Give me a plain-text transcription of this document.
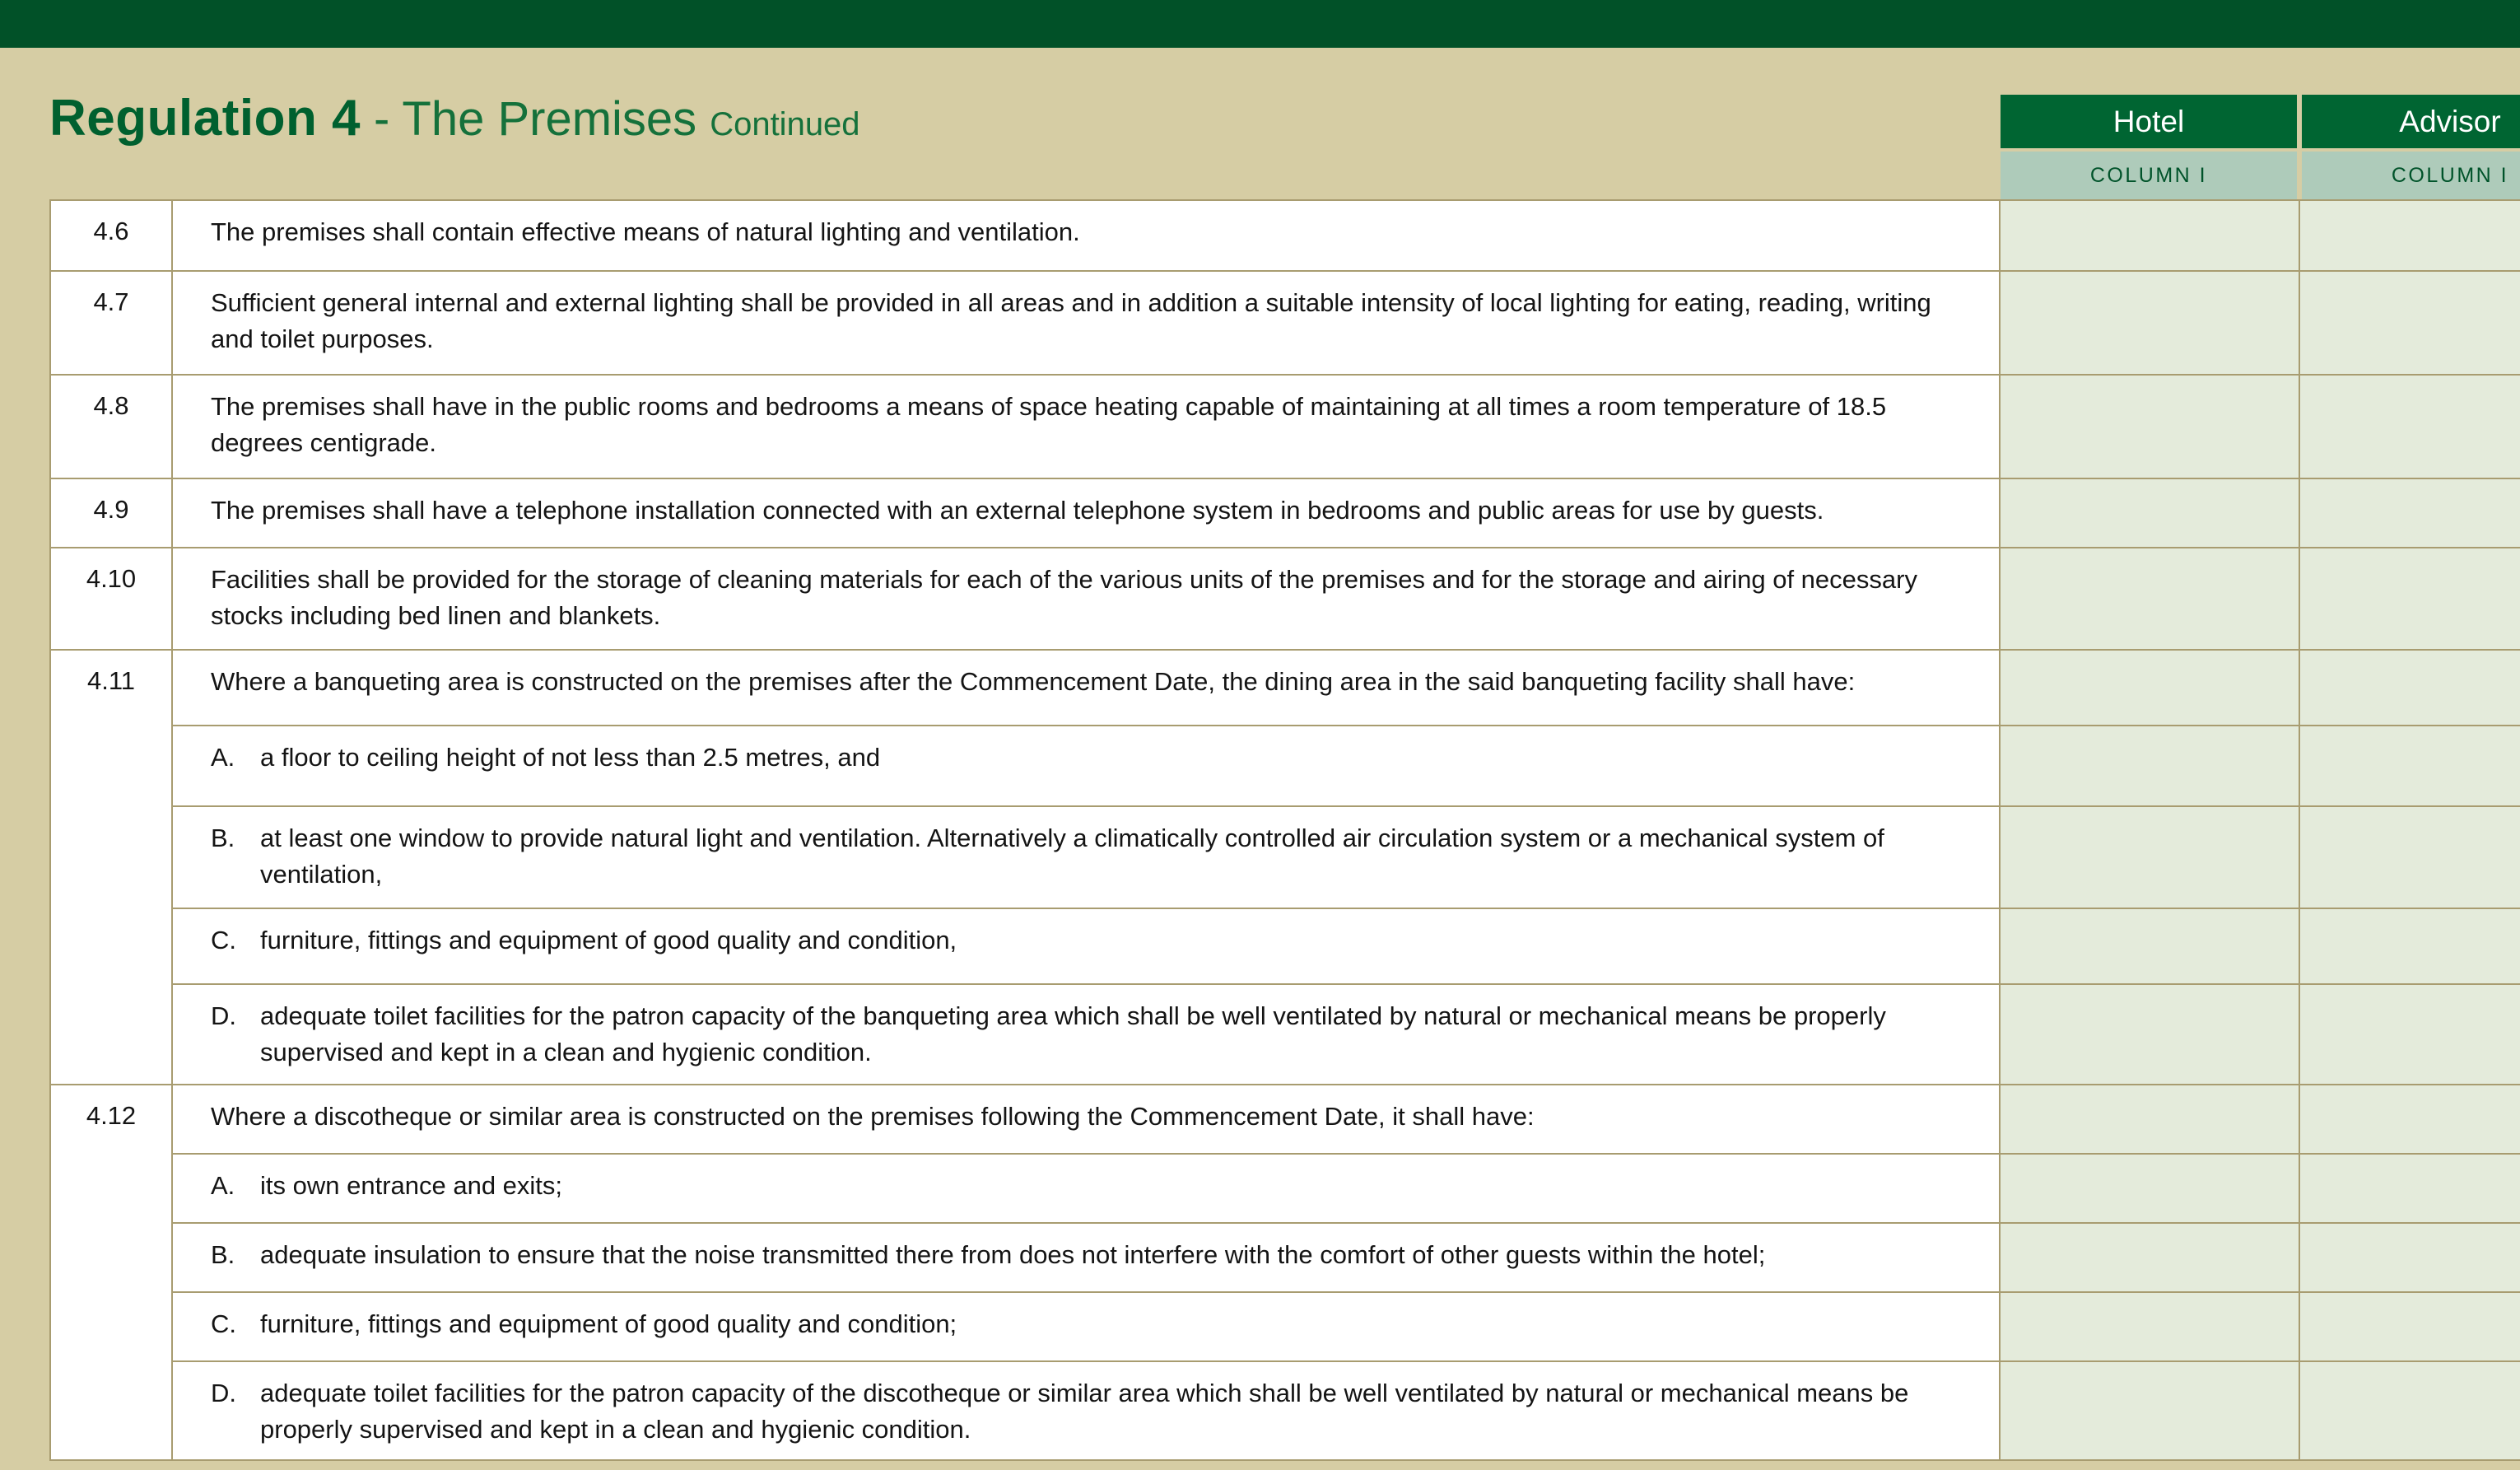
Regulation 4 - The Premises Continued	Hotel	Advisor
COLUMN I	COLUMN I
4.6	The premises shall contain effective means of natural lighting and ventilation.		
4.7	Sufficient general internal and external lighting shall be provided in all areas and in addition a suitable intensity of local lighting for eating, reading, writing and toilet purposes.		
4.8	The premises shall have in the public rooms and bedrooms a means of space heating capable of maintaining at all times a room temperature of 18.5 degrees centigrade.		
4.9	The premises shall have a telephone installation connected with an external telephone system in bedrooms and public areas for use by guests.		
4.10	Facilities shall be provided for the storage of cleaning materials for each of the various units of the premises and for the storage and airing of necessary stocks including bed linen and blankets.		
4.11	Where a banqueting area is constructed on the premises after the Commencement Date, the dining area in the said banqueting facility shall have:		

	A. a floor to ceiling height of not less than 2.5 metres, and		

	B. at least one window to provide natural light and ventilation. Alternatively a climatically controlled air circulation system or a mechanical system of ventilation,		

	C. furniture, fittings and equipment of good quality and condition,		

	D. adequate toilet facilities for the patron capacity of the banqueting area which shall be well ventilated by natural or mechanical means be properly supervised and kept in a clean and hygienic condition.		

4.12	Where a discotheque or similar area is constructed on the premises following the Commencement Date, it shall have:		

	A. its own entrance and exits;		

	B. adequate insulation to ensure that the noise transmitted there from does not interfere with the comfort of other guests within the hotel;		

	C. furniture, fittings and equipment of good quality and condition;		

	D. adequate toilet facilities for the patron capacity of the discotheque or similar area which shall be well ventilated by natural or mechanical means be properly supervised and kept in a clean and hygienic condition.		
